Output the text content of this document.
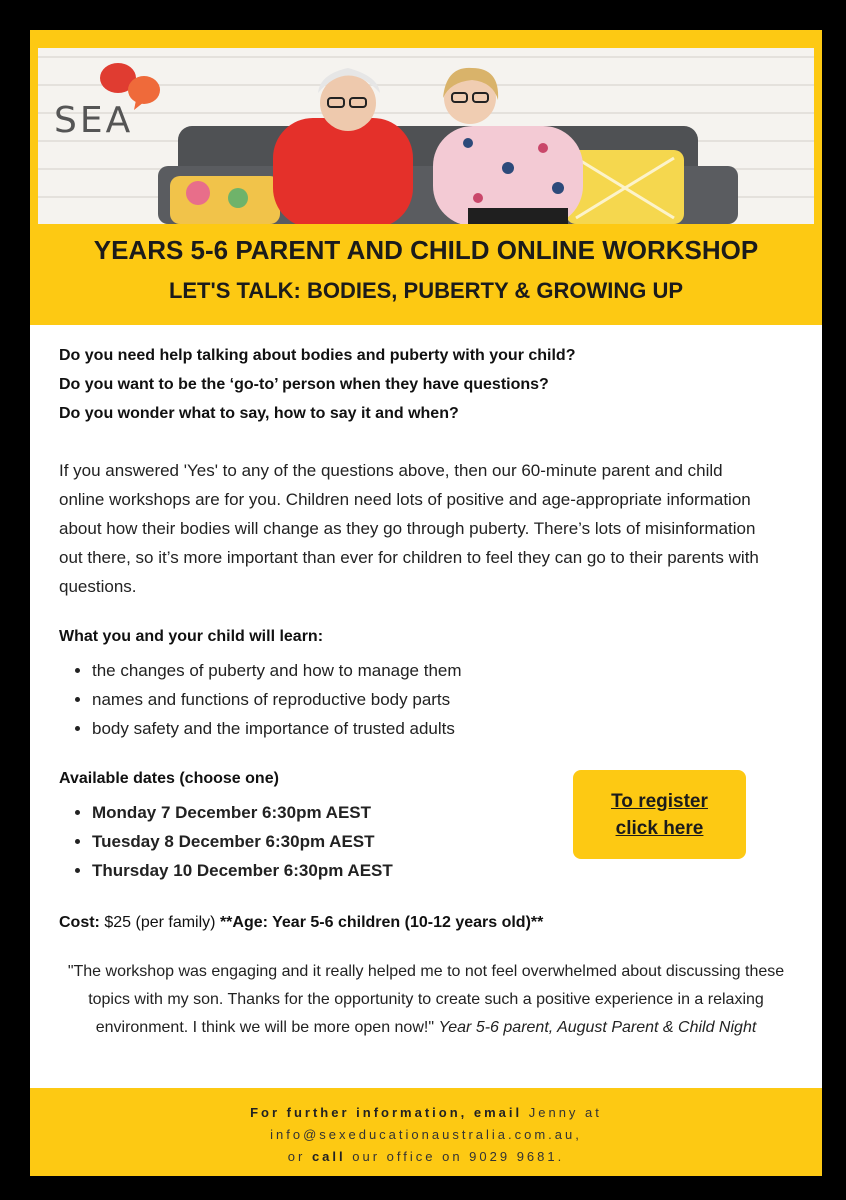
SEA
YEARS 5-6 PARENT AND CHILD ONLINE WORKSHOP
LET'S TALK: BODIES, PUBERTY & GROWING UP

Do you need help talking about bodies and puberty with your child?

Do you want to be the ‘go-to’ person when they have questions?

Do you wonder what to say, how to say it and when?

If you answered 'Yes' to any of the questions above, then our 60-minute parent and child online workshops are for you. Children need lots of positive and age-appropriate information about how their bodies will change as they go through puberty. There’s lots of misinformation out there, so it’s more important than ever for children to feel they can go to their parents with questions.

What you and your child will learn:

• the changes of puberty and how to manage them
• names and functions of reproductive body parts
• body safety and the importance of trusted adults

Available dates (choose one)

• Monday 7 December 6:30pm AEST
• Tuesday 8 December 6:30pm AEST
• Thursday 10 December 6:30pm AEST
To register
click here

Cost: $25 (per family) **Age: Year 5-6 children (10-12 years old)**

"The workshop was engaging and it really helped me to not feel overwhelmed about discussing these topics with my son. Thanks for the opportunity to create such a positive experience in a relaxing environment. I think we will be more open now!" Year 5-6 parent, August Parent & Child Night

For further information, email Jenny at

info@sexeducationaustralia.com.au,

or call our office on 9029 9681.
